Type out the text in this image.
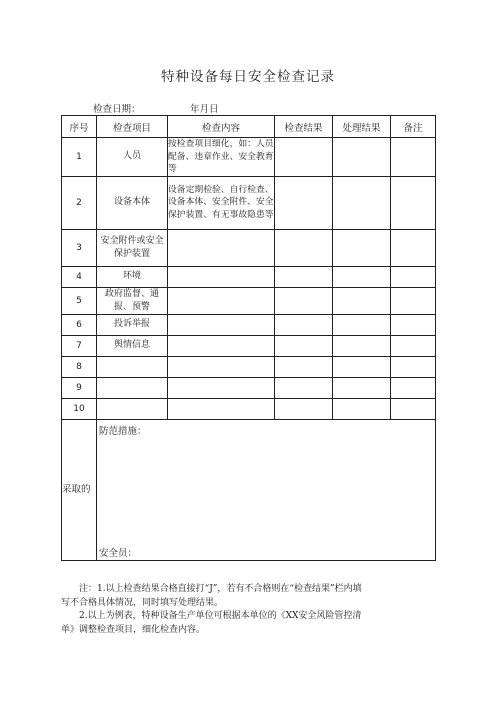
特种设备每日安全检查记录
检查日期：	年月日
序号	检查项目	检查内容	检查结果	处理结果	备注
1	人员	按检查项目细化，如：人员配备、违章作业、安全教育等			
2	设备本体	设备定期检验、自行检查、设备本体、安全附件、安全保护装置、有无事故隐患等			
3	安全附件或安全保护装置				
4	环境				
5	政府监督、通报、预警				
6	投诉举报				
7	舆情信息				
8					
9					
10					
采取的	防范措施：
安全员：				

注：1.以上检查结果合格直接打“J”，若有不合格则在“检查结果”栏内填

写不合格具体情况，同时填写处理结果。

2.以上为例表，特种设备生产单位可根据本单位的《XX安全风险管控清

单》调整检查项目，细化检查内容。
